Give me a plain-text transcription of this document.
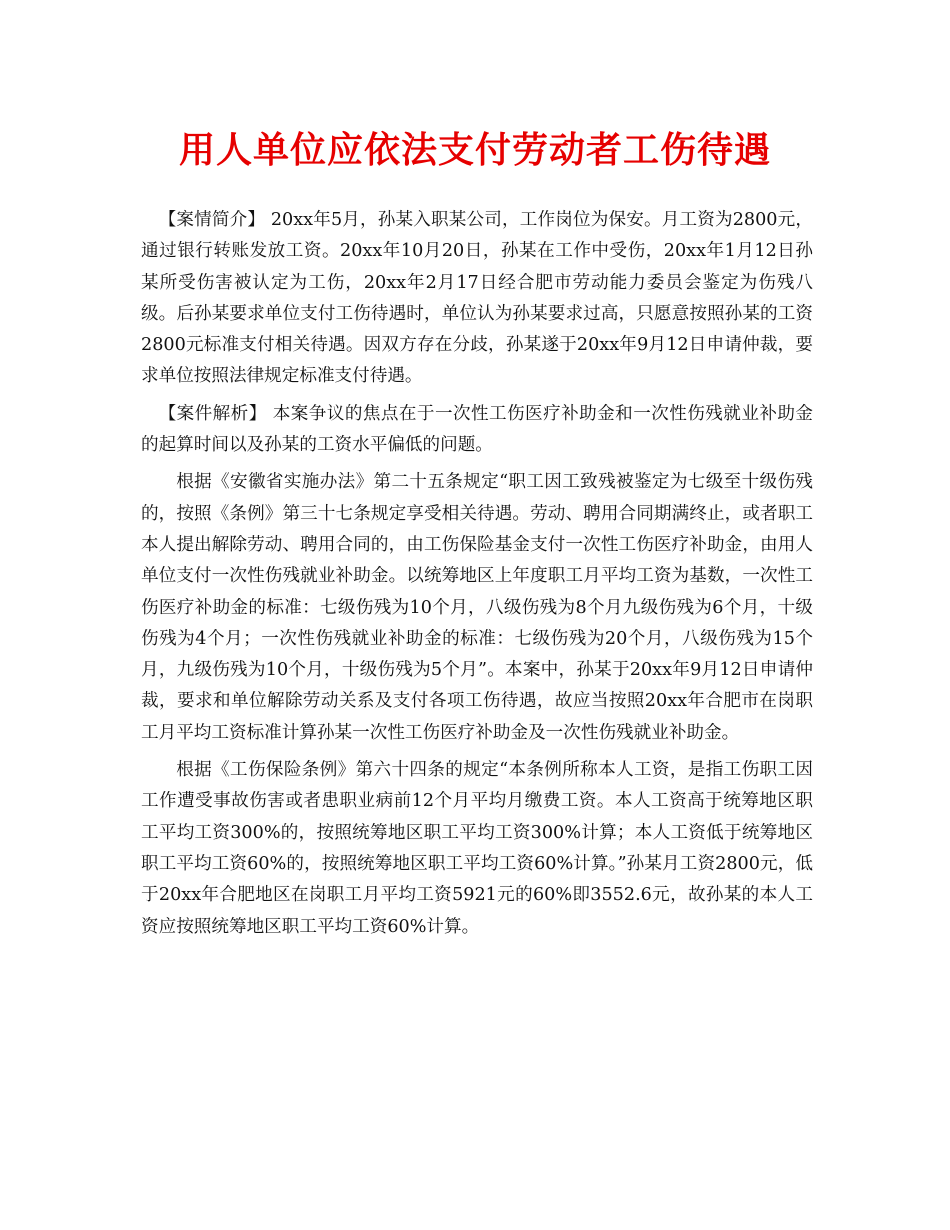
用人单位应依法支付劳动者工伤待遇

【案情简介】 20xx年5月，孙某入职某公司，工作岗位为保安。月工资为2800元，通过银行转账发放工资。20xx年10月20日，孙某在工作中受伤，20xx年1月12日孙某所受伤害被认定为工伤，20xx年2月17日经合肥市劳动能力委员会鉴定为伤残八级。后孙某要求单位支付工伤待遇时，单位认为孙某要求过高，只愿意按照孙某的工资2800元标准支付相关待遇。因双方存在分歧，孙某遂于20xx年9月12日申请仲裁，要求单位按照法律规定标准支付待遇。

【案件解析】 本案争议的焦点在于一次性工伤医疗补助金和一次性伤残就业补助金的起算时间以及孙某的工资水平偏低的问题。

根据《安徽省实施办法》第二十五条规定“职工因工致残被鉴定为七级至十级伤残的，按照《条例》第三十七条规定享受相关待遇。劳动、聘用合同期满终止，或者职工本人提出解除劳动、聘用合同的，由工伤保险基金支付一次性工伤医疗补助金，由用人单位支付一次性伤残就业补助金。以统筹地区上年度职工月平均工资为基数，一次性工伤医疗补助金的标准：七级伤残为10个月，八级伤残为8个月九级伤残为6个月，十级伤残为4个月；一次性伤残就业补助金的标准：七级伤残为20个月，八级伤残为15个月，九级伤残为10个月，十级伤残为5个月”。本案中，孙某于20xx年9月12日申请仲裁，要求和单位解除劳动关系及支付各项工伤待遇，故应当按照20xx年合肥市在岗职工月平均工资标准计算孙某一次性工伤医疗补助金及一次性伤残就业补助金。

根据《工伤保险条例》第六十四条的规定“本条例所称本人工资，是指工伤职工因工作遭受事故伤害或者患职业病前12个月平均月缴费工资。本人工资高于统筹地区职工平均工资300%的，按照统筹地区职工平均工资300%计算；本人工资低于统筹地区职工平均工资60%的，按照统筹地区职工平均工资60%计算。”孙某月工资2800元，低于20xx年合肥地区在岗职工月平均工资5921元的60%即3552.6元，故孙某的本人工资应按照统筹地区职工平均工资60%计算。
